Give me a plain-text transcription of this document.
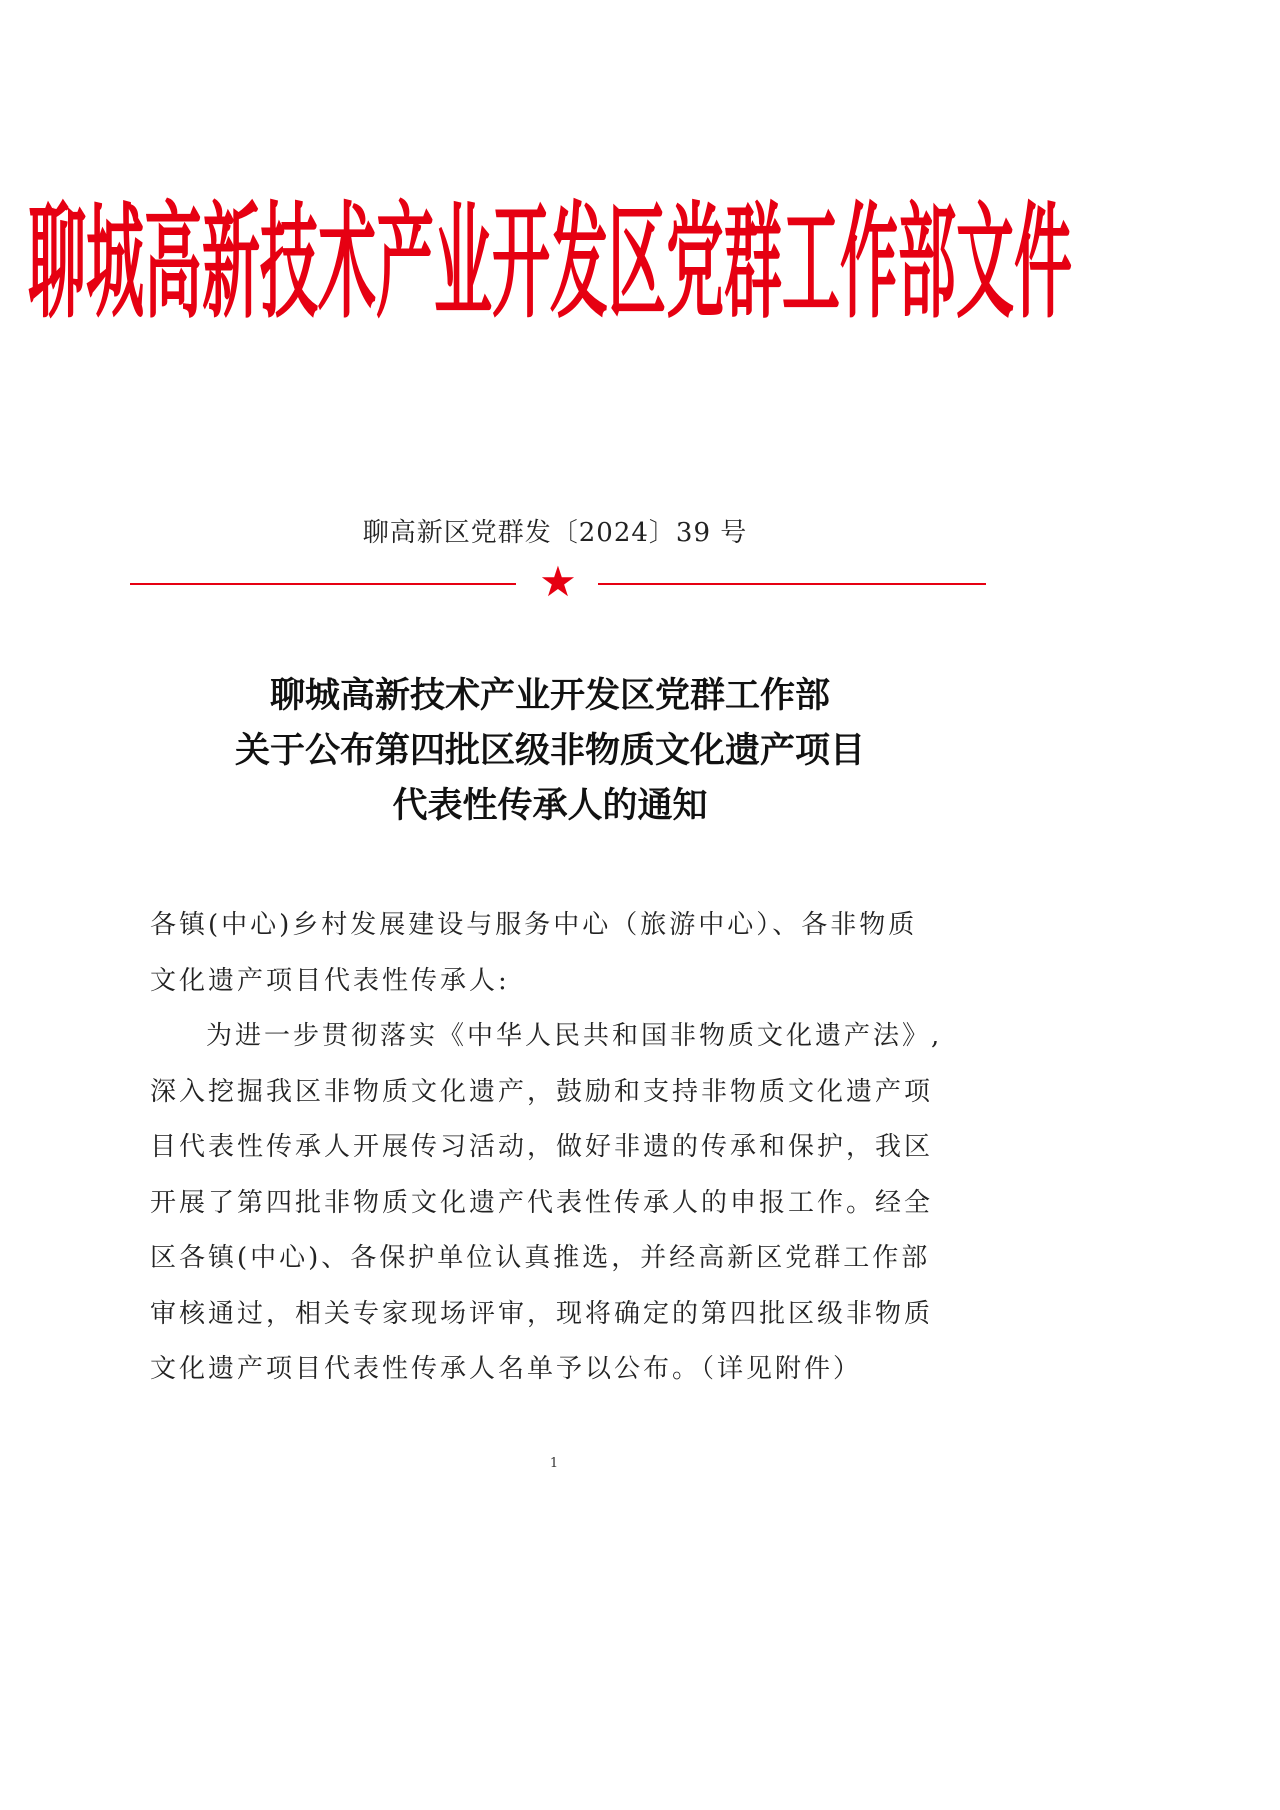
聊城高新技术产业开发区党群工作部文件
聊高新区党群发〔2024〕39 号
★
聊城高新技术产业开发区党群工作部
关于公布第四批区级非物质文化遗产项目
代表性传承人的通知
各镇(中心)乡村发展建设与服务中心（旅游中心）、各非物质
文化遗产项目代表性传承人:
为进一步贯彻落实《中华人民共和国非物质文化遗产法》,
深入挖掘我区非物质文化遗产，鼓励和支持非物质文化遗产项
目代表性传承人开展传习活动，做好非遗的传承和保护，我区
开展了第四批非物质文化遗产代表性传承人的申报工作。经全
区各镇(中心)、各保护单位认真推选，并经高新区党群工作部
审核通过，相关专家现场评审，现将确定的第四批区级非物质
文化遗产项目代表性传承人名单予以公布。（详见附件）
1
